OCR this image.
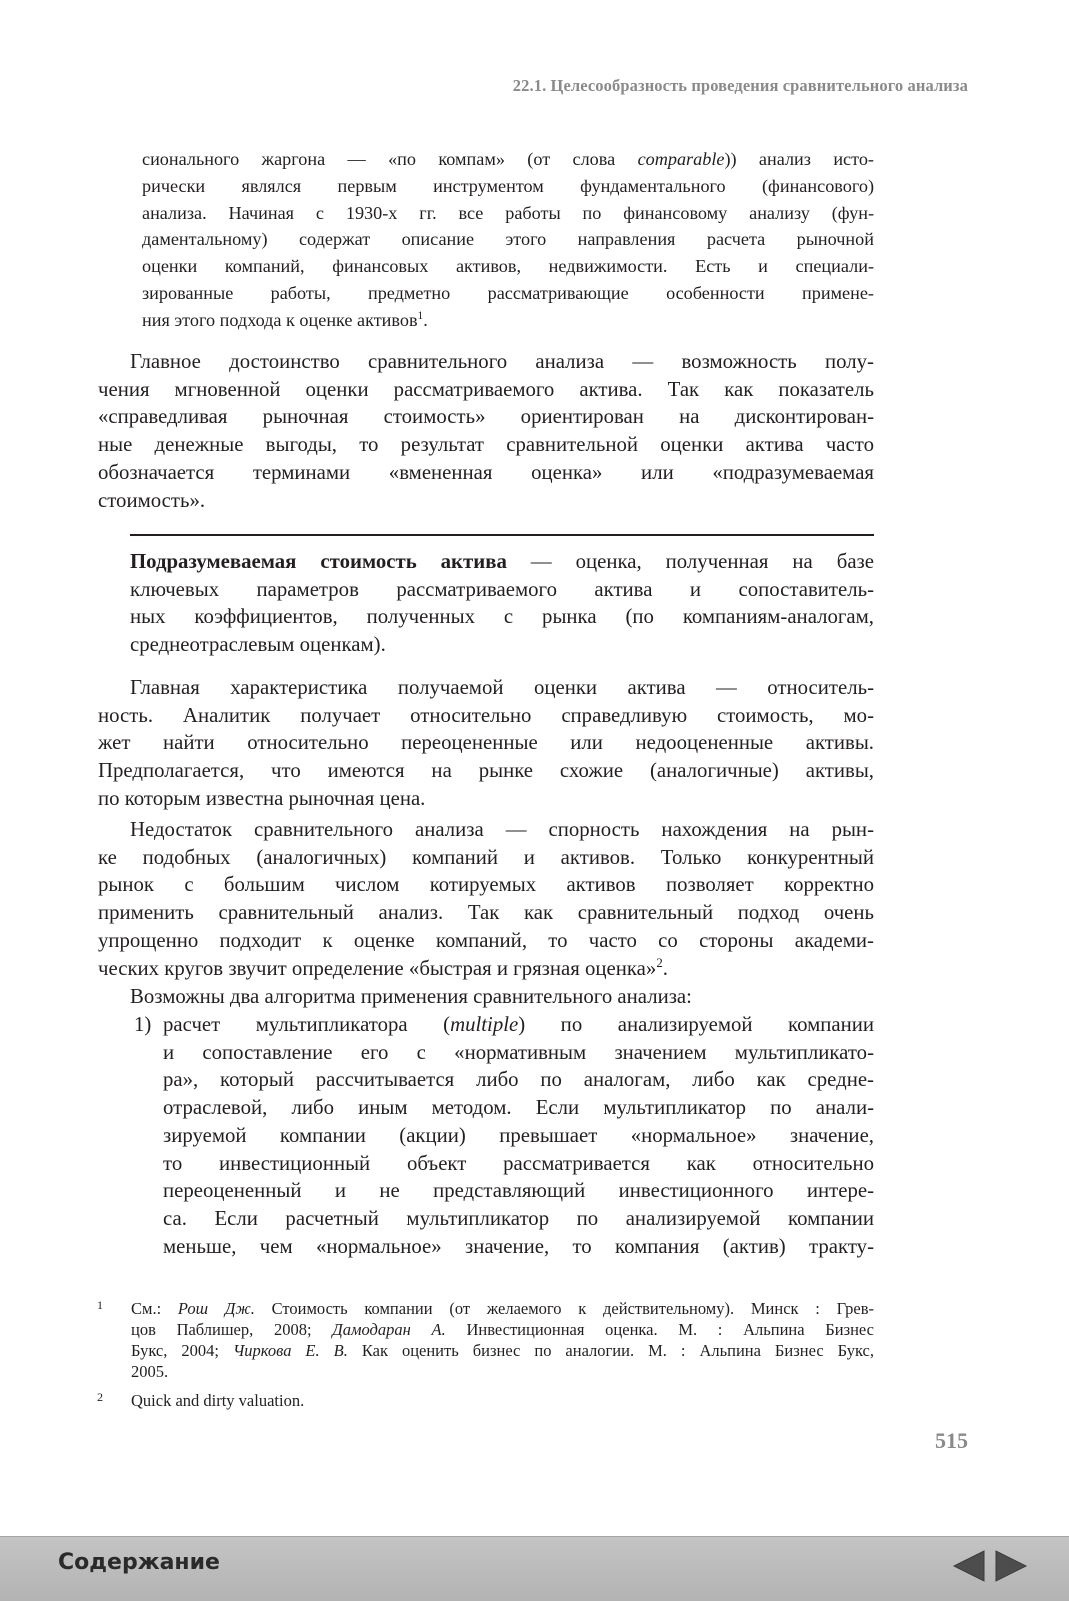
22.1. Целесообразность проведения сравнительного анализа
сионального жаргона — «по компам» (от слова comparable)) анализ исто-
рически являлся первым инструментом фундаментального (финансового)
анализа. Начиная с 1930-х гг. все работы по финансовому анализу (фун-
даментальному) содержат описание этого направления расчета рыночной
оценки компаний, финансовых активов, недвижимости. Есть и специали-
зированные работы, предметно рассматривающие особенности примене-
ния этого подхода к оценке активов$^1$.
Главное достоинство сравнительного анализа — возможность полу-
чения мгновенной оценки рассматриваемого актива. Так как показатель
«справедливая рыночная стоимость» ориентирован на дисконтирован-
ные денежные выгоды, то результат сравнительной оценки актива часто
обозначается терминами «вмененная оценка» или «подразумеваемая
стоимость».
Подразумеваемая стоимость актива — оценка, полученная на базе
ключевых параметров рассматриваемого актива и сопоставитель-
ных коэффициентов, полученных с рынка (по компаниям-аналогам,
среднеотраслевым оценкам).
Главная характеристика получаемой оценки актива — относитель-
ность. Аналитик получает относительно справедливую стоимость, мо-
жет найти относительно переоцененные или недооцененные активы.
Предполагается, что имеются на рынке схожие (аналогичные) активы,
по которым известна рыночная цена.
Недостаток сравнительного анализа — спорность нахождения на рын-
ке подобных (аналогичных) компаний и активов. Только конкурентный
рынок с большим числом котируемых активов позволяет корректно
применить сравнительный анализ. Так как сравнительный подход очень
упрощенно подходит к оценке компаний, то часто со стороны академи-
ческих кругов звучит определение «быстрая и грязная оценка»$^2$.
Возможны два алгоритма применения сравнительного анализа:
1) расчет мультипликатора (multiple) по анализируемой компании
и сопоставление его с «нормативным значением мультипликато-
ра», который рассчитывается либо по аналогам, либо как средне-
отраслевой, либо иным методом. Если мультипликатор по анали-
зируемой компании (акции) превышает «нормальное» значение,
то инвестиционный объект рассматривается как относительно
переоцененный и не представляющий инвестиционного интере-
са. Если расчетный мультипликатор по анализируемой компании
меньше, чем «нормальное» значение, то компания (актив) тракту-
1 См.: Рош Дж. Стоимость компании (от желаемого к действительному). Минск : Грев-
цов Паблишер, 2008; Дамодаран А. Инвестиционная оценка. М. : Альпина Бизнес
Букс, 2004; Чиркова Е. В. Как оценить бизнес по аналогии. М. : Альпина Бизнес Букс,
2005.
2 Quick and dirty valuation.
515
Содержание
